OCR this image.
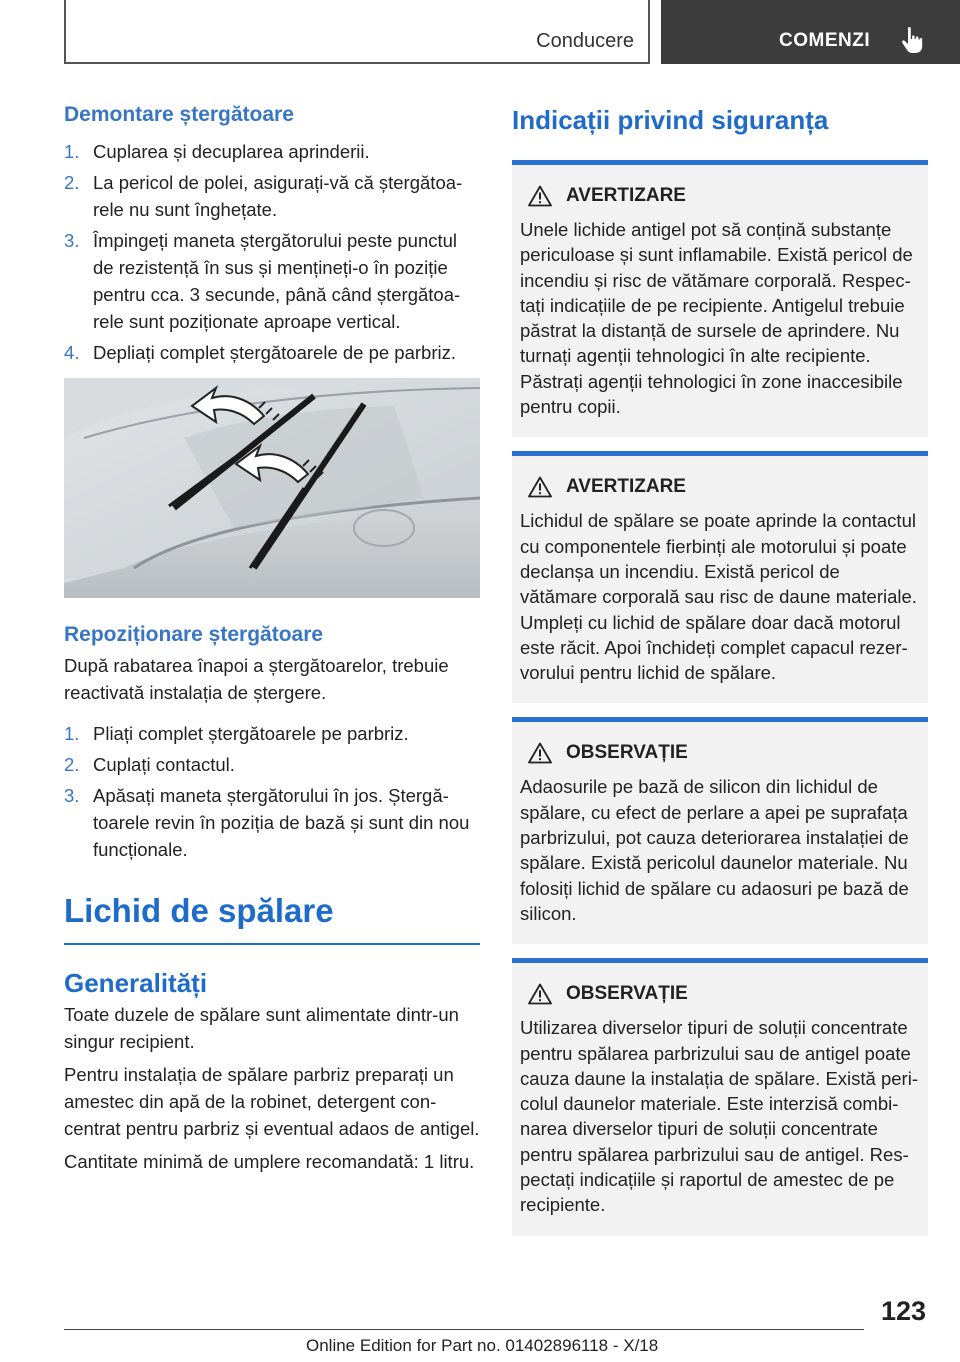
Conducere	COMENZI
Demontare ștergătoare
1. Cuplarea și decuplarea aprinderii.
2. La pericol de polei, asigurați-vă că ștergătoarele nu sunt înghețate.
3. Împingeți maneta ștergătorului peste punctul de rezistență în sus și mențineți-o în poziție pentru cca. 3 secunde, până când ștergătoarele sunt poziționate aproape vertical.
4. Depliați complet ștergătoarele de pe parbriz.
Repoziționare ștergătoare

După rabatarea înapoi a ștergătoarelor, trebuie reactivată instalația de ștergere.

1. Pliați complet ștergătoarele pe parbriz.
2. Cuplați contactul.
3. Apăsați maneta ștergătorului în jos. Ștergătoarele revin în poziția de bază și sunt din nou funcționale.
Lichid de spălare
Generalități

Toate duzele de spălare sunt alimentate dintr-un singur recipient.

Pentru instalația de spălare parbriz preparați un amestec din apă de la robinet, detergent concentrat pentru parbriz și eventual adaos de antigel.

Cantitate minimă de umplere recomandată: 1 litru.

Indicații privind siguranța
AVERTIZARE

Unele lichide antigel pot să conțină substanțe periculoase și sunt inflamabile. Există pericol de incendiu și risc de vătămare corporală. Respectați indicațiile de pe recipiente. Antigelul trebuie păstrat la distanță de sursele de aprindere. Nu turnați agenții tehnologici în alte recipiente. Păstrați agenții tehnologici în zone inaccesibile pentru copii.

AVERTIZARE

Lichidul de spălare se poate aprinde la contactul cu componentele fierbinți ale motorului și poate declanșa un incendiu. Există pericol de vătămare corporală sau risc de daune materiale. Umpleți cu lichid de spălare doar dacă motorul este răcit. Apoi închideți complet capacul rezervorului pentru lichid de spălare.

OBSERVAȚIE

Adaosurile pe bază de silicon din lichidul de spălare, cu efect de perlare a apei pe suprafața parbrizului, pot cauza deteriorarea instalației de spălare. Există pericolul daunelor materiale. Nu folosiți lichid de spălare cu adaosuri pe bază de silicon.

OBSERVAȚIE

Utilizarea diverselor tipuri de soluții concentrate pentru spălarea parbrizului sau de antigel poate cauza daune la instalația de spălare. Există pericolul daunelor materiale. Este interzisă combinarea diverselor tipuri de soluții concentrate pentru spălarea parbrizului sau de antigel. Respectați indicațiile și raportul de amestec de pe recipiente.

123
Online Edition for Part no. 01402896118 - X/18
